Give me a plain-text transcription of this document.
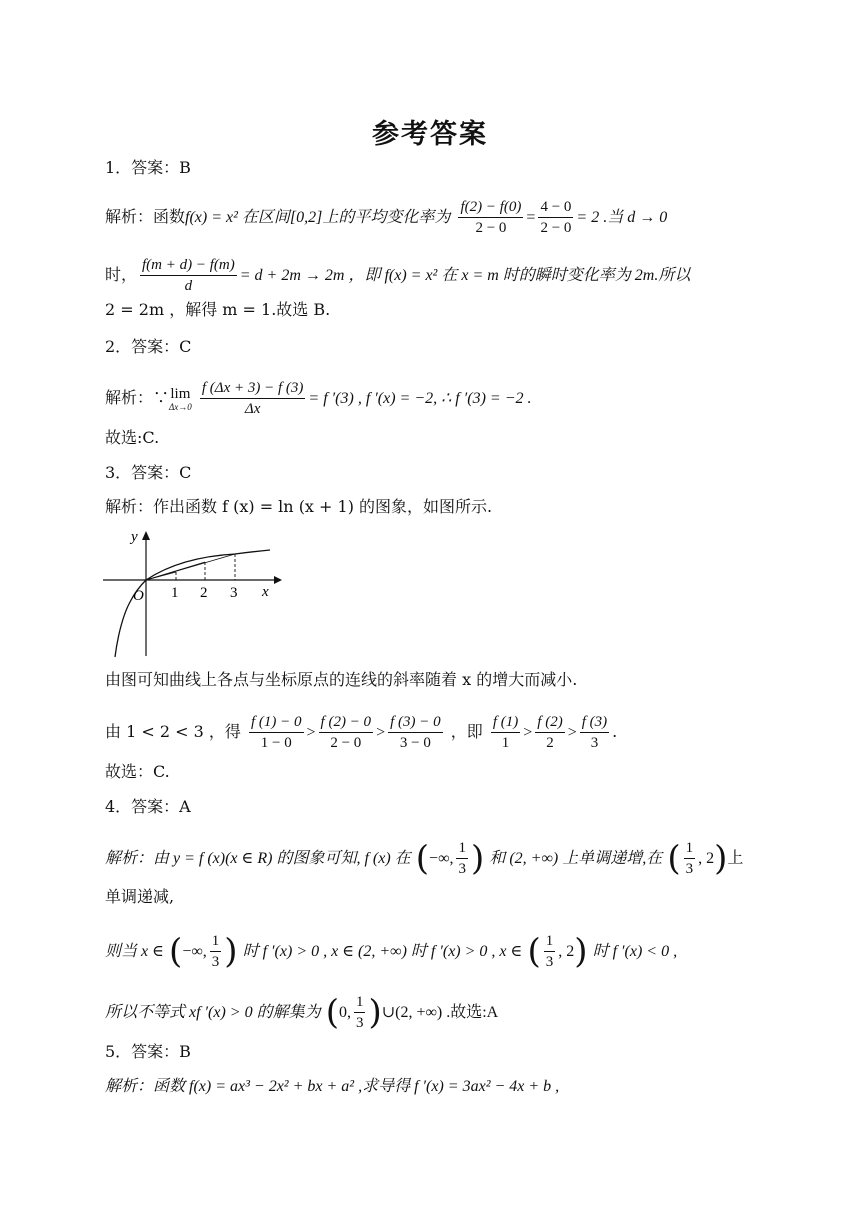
参考答案
1．答案：B
解析：函数f(x) = x² 在区间[0,2]上的平均变化率为 $\frac{f(2) - f(0)}{2 - 0} = \frac{4 - 0}{2 - 0} = 2$ .当 d → 0
时， $\frac{f(m + d) - f(m)}{d} = d + 2m \to 2m$ ，即 f(x) = x² 在 x = m 时的瞬时变化率为 2m.所以
2 = 2m ，解得 m = 1.故选 B.
2．答案：C
解析：∵ lim
Δx→0
$\frac{f (\Delta x + 3) - f (3)}{\Delta x} = f$ ′(3) , f ′(x) = −2, ∴ f ′(3) = −2 .
故选:C.
3．答案：C
解析：作出函数 f (x) = ln (x + 1) 的图象，如图所示.
y
x
O 1 2 3
由图可知曲线上各点与坐标原点的连线的斜率随着 x 的增大而减小.
由 1 < 2 < 3 ，得 $\frac{f (1) - 0}{1 - 0} > \frac{f (2) - 0}{2 - 0} > \frac{f (3) - 0}{3 - 0}$ ，即 $\frac{f (1)}{1} > \frac{f (2)}{2} > \frac{f (3)}{3}$ .
故选：C.
4．答案：A
解析：由 y = f (x)(x ∈ R) 的图象可知, f (x) 在 (−∞, $\frac{1}{3}$ ) 和 (2, +∞) 上单调递增,在 ( $\frac{1}{3}$ , 2)上
单调递减,
则当 x ∈ (−∞, $\frac{1}{3}$ ) 时 f ′(x) > 0 , x ∈ (2, +∞) 时 f ′(x) > 0 , x ∈ ( $\frac{1}{3}$ , 2) 时 f ′(x) < 0 ,
所以不等式 xf ′(x) > 0 的解集为 (0, $\frac{1}{3}$ )∪(2, +∞) .故选:A
5．答案：B
解析：函数 f(x) = ax³ − 2x² + bx + a² ,求导得 f ′(x) = 3ax² − 4x + b ,
